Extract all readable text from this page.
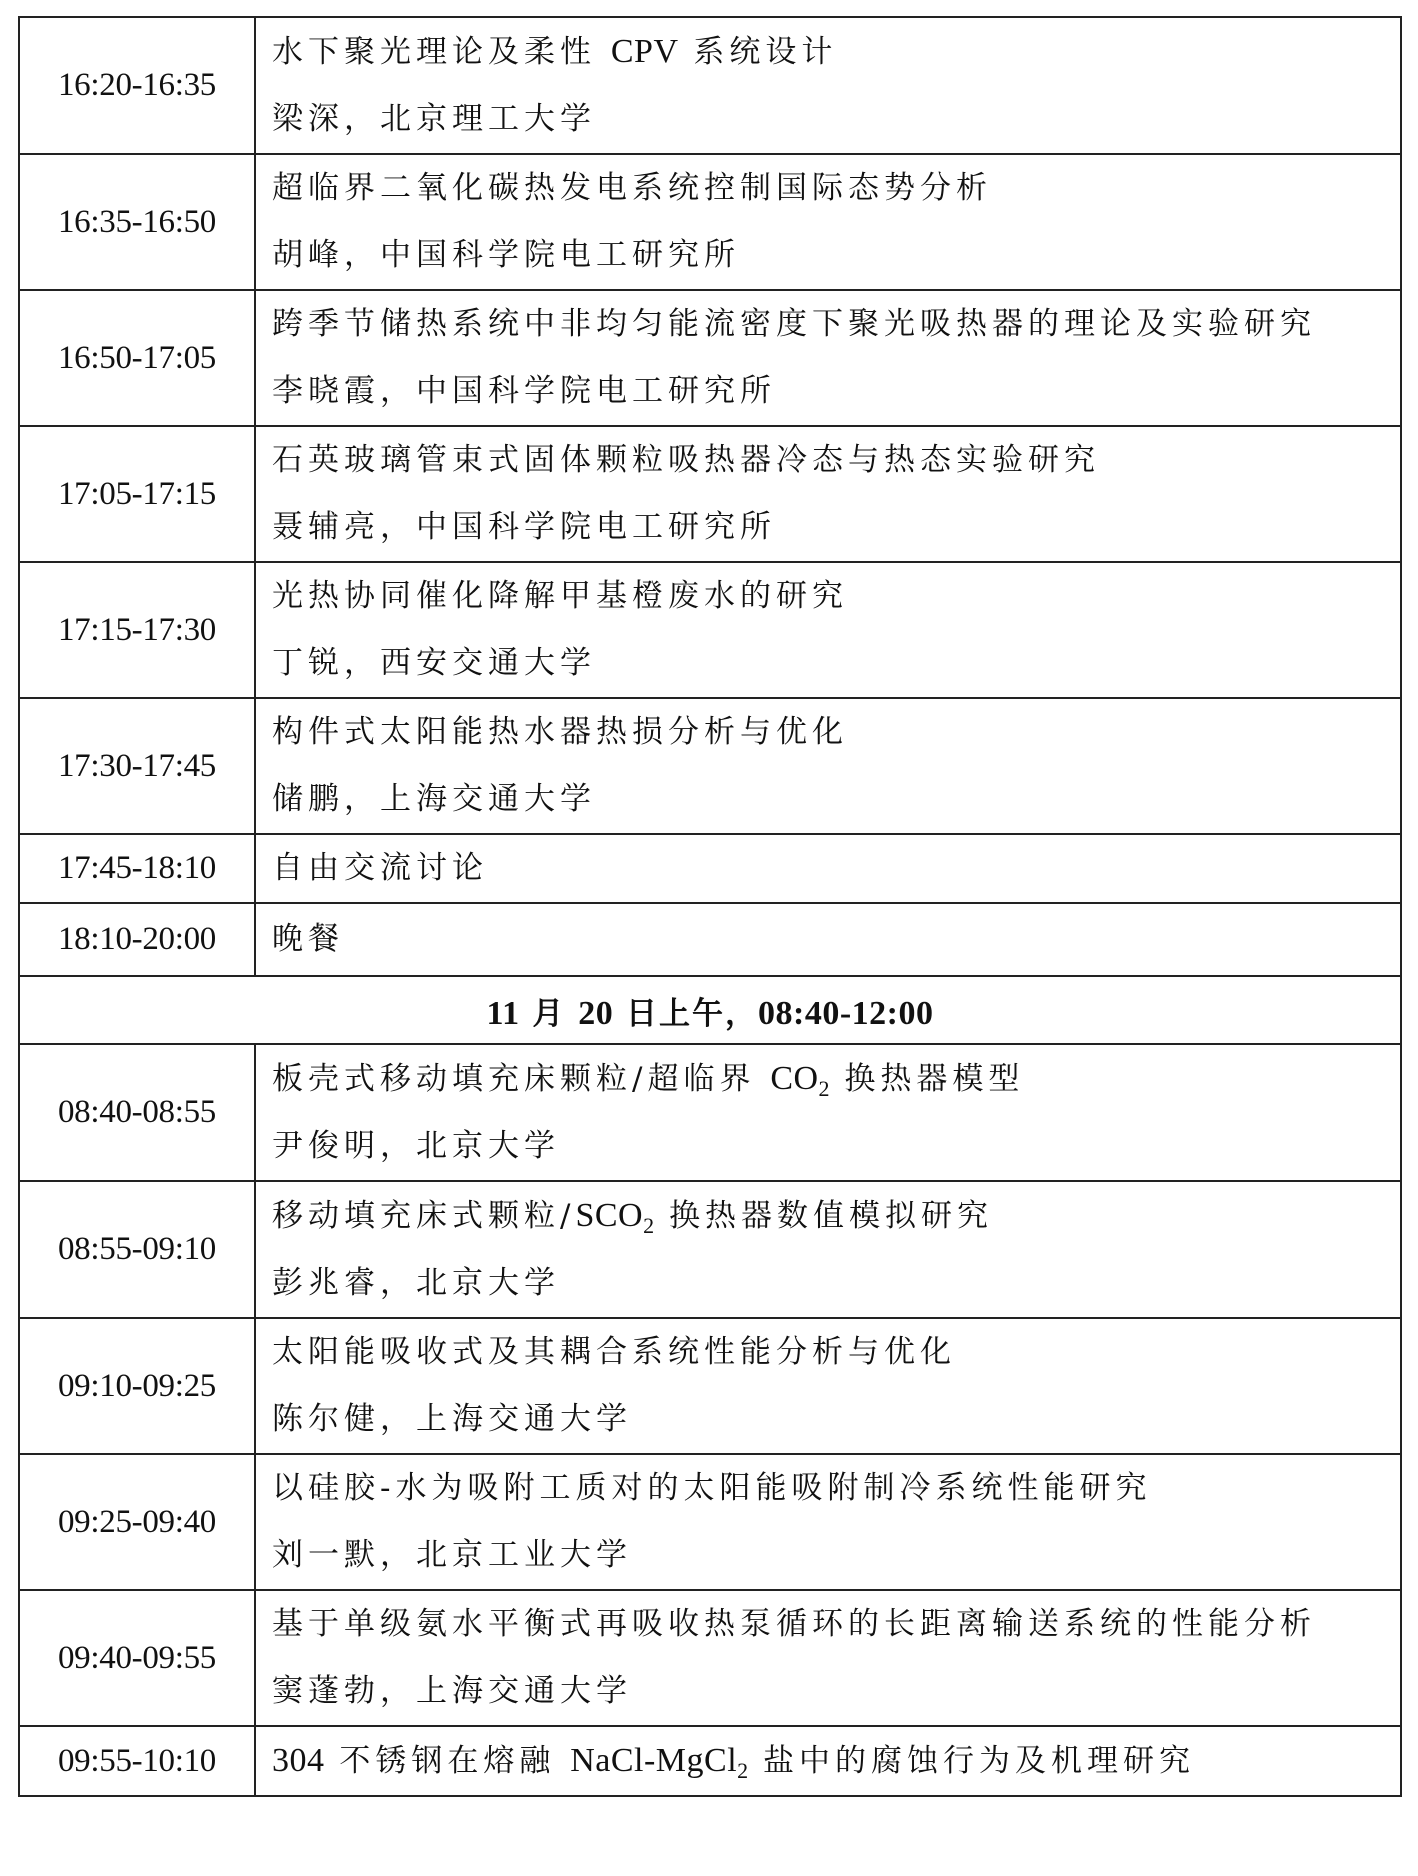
16:20-16:35	水下聚光理论及柔性 CPV 系统设计
梁深，北京理工大学

16:35-16:50	超临界二氧化碳热发电系统控制国际态势分析
胡峰，中国科学院电工研究所

16:50-17:05	跨季节储热系统中非均匀能流密度下聚光吸热器的理论及实验研究
李晓霞，中国科学院电工研究所

17:05-17:15	石英玻璃管束式固体颗粒吸热器冷态与热态实验研究
聂辅亮，中国科学院电工研究所

17:15-17:30	光热协同催化降解甲基橙废水的研究
丁锐，西安交通大学

17:30-17:45	构件式太阳能热水器热损分析与优化
储鹏，上海交通大学

17:45-18:10	自由交流讨论

18:10-20:00	晚餐

11 月 20 日上午，08:40-12:00	
08:40-08:55	板壳式移动填充床颗粒/超临界 $CO_2$ 换热器模型
尹俊明，北京大学

08:55-09:10	移动填充床式颗粒$/SCO_2$ 换热器数值模拟研究
彭兆睿，北京大学

09:10-09:25	太阳能吸收式及其耦合系统性能分析与优化
陈尔健，上海交通大学

09:25-09:40	以硅胶-水为吸附工质对的太阳能吸附制冷系统性能研究
刘一默，北京工业大学

09:40-09:55	基于单级氨水平衡式再吸收热泵循环的长距离输送系统的性能分析
窦蓬勃，上海交通大学

09:55-10:10	304 不锈钢在熔融 NaCl-MgCl$_2$ 盐中的腐蚀行为及机理研究
